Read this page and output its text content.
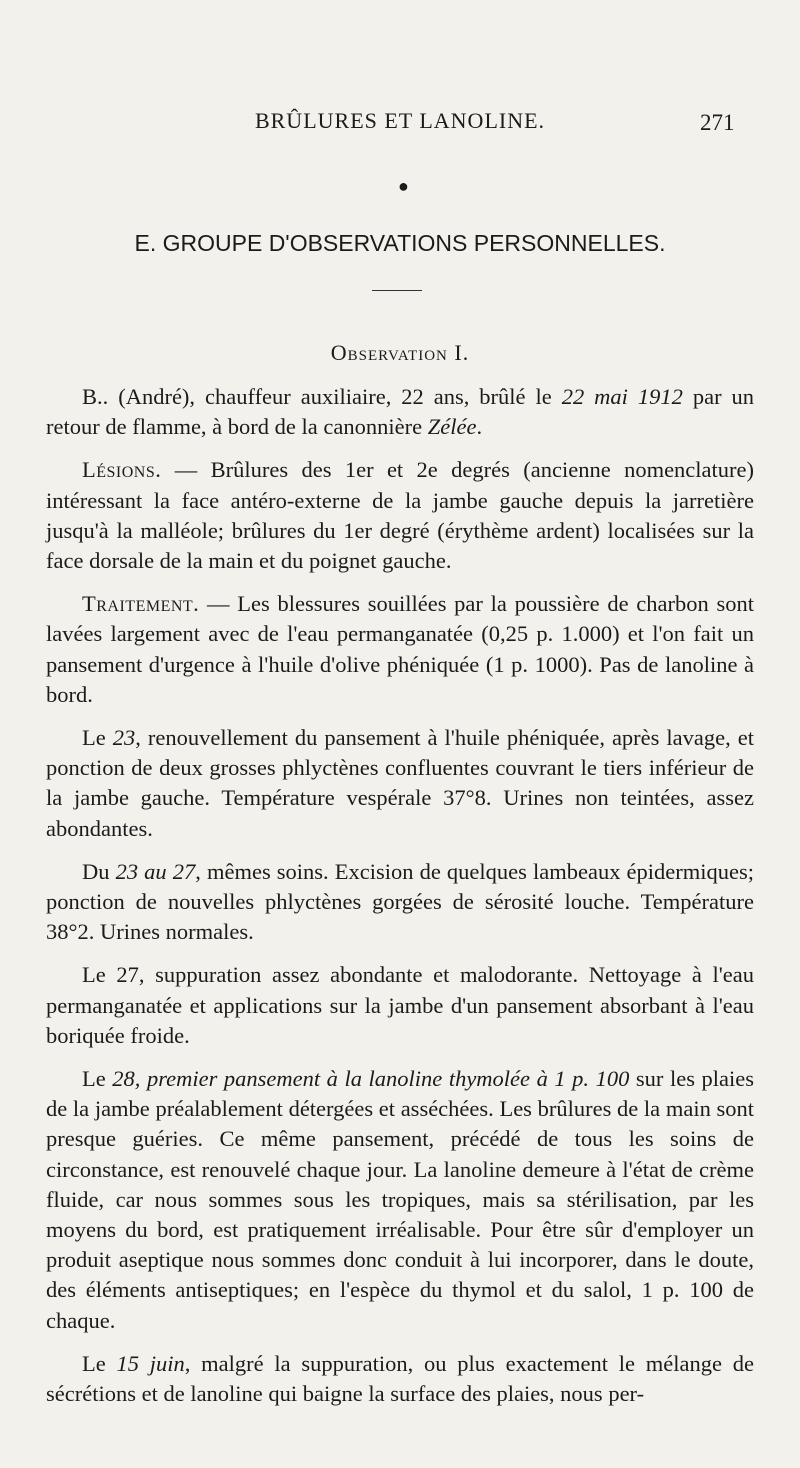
BRÛLURES ET LANOLINE.	271
●
E. GROUPE D'OBSERVATIONS PERSONNELLES.
Observation I.

B.. (André), chauffeur auxiliaire, 22 ans, brûlé le 22 mai 1912 par un retour de flamme, à bord de la canonnière Zélée.

Lésions. — Brûlures des 1er et 2e degrés (ancienne nomenclature) intéressant la face antéro-externe de la jambe gauche depuis la jarretière jusqu'à la malléole; brûlures du 1er degré (érythème ardent) localisées sur la face dorsale de la main et du poignet gauche.

Traitement. — Les blessures souillées par la poussière de charbon sont lavées largement avec de l'eau permanganatée (0,25 p. 1.000) et l'on fait un pansement d'urgence à l'huile d'olive phéniquée (1 p. 1000). Pas de lanoline à bord.

Le 23, renouvellement du pansement à l'huile phéniquée, après lavage, et ponction de deux grosses phlyctènes confluentes couvrant le tiers inférieur de la jambe gauche. Température vespérale 37°8. Urines non teintées, assez abondantes.

Du 23 au 27, mêmes soins. Excision de quelques lambeaux épidermiques; ponction de nouvelles phlyctènes gorgées de sérosité louche. Température 38°2. Urines normales.

Le 27, suppuration assez abondante et malodorante. Nettoyage à l'eau permanganatée et applications sur la jambe d'un pansement absorbant à l'eau boriquée froide.

Le 28, premier pansement à la lanoline thymolée à 1 p. 100 sur les plaies de la jambe préalablement détergées et asséchées. Les brûlures de la main sont presque guéries. Ce même pansement, précédé de tous les soins de circonstance, est renouvelé chaque jour. La lanoline demeure à l'état de crème fluide, car nous sommes sous les tropiques, mais sa stérilisation, par les moyens du bord, est pratiquement irréalisable. Pour être sûr d'employer un produit aseptique nous sommes donc conduit à lui incorporer, dans le doute, des éléments antiseptiques; en l'espèce du thymol et du salol, 1 p. 100 de chaque.

Le 15 juin, malgré la suppuration, ou plus exactement le mélange de sécrétions et de lanoline qui baigne la surface des plaies, nous per-
